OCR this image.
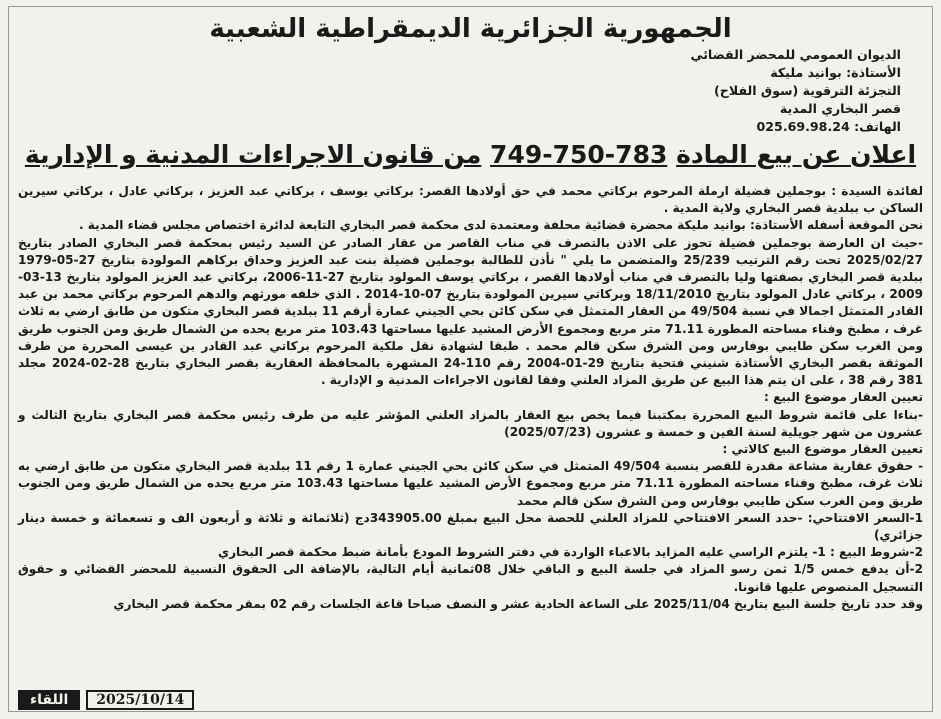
الجمهورية الجزائرية الديمقراطية الشعبية
الديوان العمومي للمحضر القضائي
الأستاذة: بوانيد مليكة
التجزئة الترقوية (سوق الفلاح)
قصر البخاري المدية
الهاتف: 025.69.98.24
اعلان عن بيع المادة 749-750-783 من قانون الاجراءات المدنية و الإدارية

لفائدة السيدة : بوجملين فضيلة ارملة المرحوم بركاتي محمد في حق أولادها القصر: بركاتي يوسف ، بركاتي عبد العزيز ، بركاتي عادل ، بركاتي سيرين الساكن ب ببلدية قصر البخاري ولاية المدية .

نحن الموقعة أسفله الأستاذة: بوانيد مليكة محضرة قضائية محلفة ومعتمدة لدى محكمة قصر البخاري التابعة لدائرة اختصاص مجلس قضاء المدية .

-حيث ان العارضة بوجملين فضيلة تحوز على الاذن بالتصرف في مناب القاصر من عقار الصادر عن السيد رئيس بمحكمة قصر البخاري الصادر بتاريخ 2025/02/27 تحت رقم الترتيب 25/239 والمتضمن ما يلي " نأذن للطالبة بوجملين فضيلة بنت عبد العزيز وحداق بركاهم المولودة بتاريخ 27-05-1979 ببلدية قصر البخاري بصفتها وليا بالتصرف في مناب أولادها القصر ، بركاتي يوسف المولود بتاريخ 27-11-2006، بركاتي عبد العزيز المولود بتاريخ 13-03-2009 ، بركاتي عادل المولود بتاريخ 18/11/2010 وبركاتي سيرين المولودة بتاريخ 07-10-2014 . الذي خلفه مورثهم والدهم المرحوم بركاتي محمد بن عبد القادر المتمثل اجمالا في نسبة 49/504 من العقار المتمثل في سكن كائن بحي الجيني عمارة أرقم 11 ببلدية قصر البخاري متكون من طابق ارضي به ثلاث غرف ، مطبخ وفناء مساحته المطورة 71.11 متر مربع ومجموع الأرض المشيد عليها مساحتها 103.43 متر مربع يحده من الشمال طريق ومن الجنوب طريق ومن الغرب سكن طايبي بوفارس ومن الشرق سكن قالم محمد . طبقا لشهادة نقل ملكية المرحوم بركاتي عبد القادر بن عيسى المحررة من طرف الموثقة بقصر البخاري الأستاذة شنيني فتحية بتاريخ 29-01-2004 رقم 110-24 المشهرة بالمحافظة العقارية بقصر البخاري بتاريخ 28-02-2024 مجلد 381 رقم 38 ، على ان يتم هذا البيع عن طريق المزاد العلني وفقا لقانون الاجراءات المدنية و الإدارية .

تعيين العقار موضوع البيع :

-بناءا على قائمة شروط البيع المحررة بمكتبنا فيما يخص بيع العقار بالمزاد العلني المؤشر عليه من طرف رئيس محكمة قصر البخاري بتاريخ الثالث و عشرون من شهر جويلية لسنة الفين و خمسة و عشرون (2025/07/23)

تعيين العقار موضوع البيع كالاتي :

- حقوق عقارية مشاعة مقدرة للقصر بنسبة 49/504 المتمثل في سكن كائن بحي الجيني عمارة 1 رقم 11 ببلدية قصر البخاري متكون من طابق ارضي به ثلاث غرف، مطبخ وفناء مساحته المطورة 71.11 متر مربع ومجموع الأرض المشيد عليها مساحتها 103.43 متر مربع يحده من الشمال طريق ومن الجنوب طريق ومن الغرب سكن طايبي بوفارس ومن الشرق سكن قالم محمد

1-السعر الافتتاحي: -حدد السعر الافتتاحي للمزاد العلني للحصة محل البيع بمبلغ 343905.00دج (ثلاثمائة و ثلاثة و أربعون الف و تسعمائة و خمسة دينار جزائري)

2-شروط البيع : 1- يلتزم الراسي عليه المزايد بالاعباء الواردة في دفتر الشروط المودع بأمانة ضبط محكمة قصر البخاري

2-أن يدفع خمس 1/5 ثمن رسو المزاد في جلسة البيع و الباقي خلال 08ثمانية أيام التالية، بالإضافة الى الحقوق النسبية للمحضر القضائي و حقوق التسجيل المنصوص عليها قانونا.

وقد حدد تاريخ جلسة البيع بتاريخ 2025/11/04 على الساعة الحادية عشر و النصف صباحا قاعة الجلسات رقم 02 بمقر محكمة قصر البخاري

اللقاء	2025/10/14
